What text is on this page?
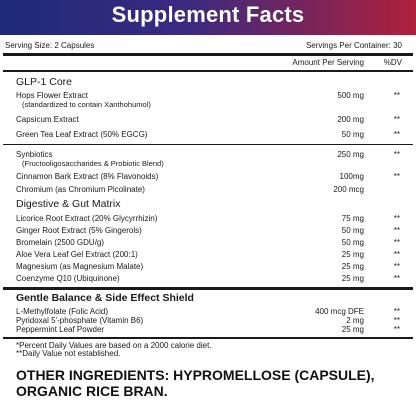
Supplement Facts
Serving Size: 2 Capsules	Servings Per Container: 30
Amount Per Serving %DV
GLP-1 Core
Hops Flower Extract
(standardized to contain Xanthohumol)
500 mg	**
Capsicum Extract	200 mg	**
Green Tea Leaf Extract (50% EGCG)	50 mg	**
Synbiotics
(Fructooligosaccharides & Probiotic Blend)
250 mg	**
Cinnamon Bark Extract (8% Flavonoids)	100mg	**
Chromium (as Chromium Picolinate)	200 mcg
Digestive & Gut Matrix
Licorice Root Extract (20% Glycyrrhizin)	75 mg	**
Ginger Root Extract (5% Gingerols)	50 mg	**
Bromelain (2500 GDU/g)	50 mg	**
Aloe Vera Leaf Gel Extract (200:1)	25 mg	**
Magnesium (as Magnesium Malate)	25 mg	**
Coenzyme Q10 (Ubiquinone)	25 mg	**
Gentle Balance & Side Effect Shield
L-Methylfolate (Folic Acid)	400 mcg DFE	**
Pyridoxal 5'-phosphate (Vitamin B6)	2 mg	**
Peppermint Leaf Powder	25 mg	**
*Percent Daily Values are based on a 2000 calorie diet.
**Daily Value not established.
OTHER INGREDIENTS: HYPROMELLOSE (CAPSULE),
ORGANIC RICE BRAN.
